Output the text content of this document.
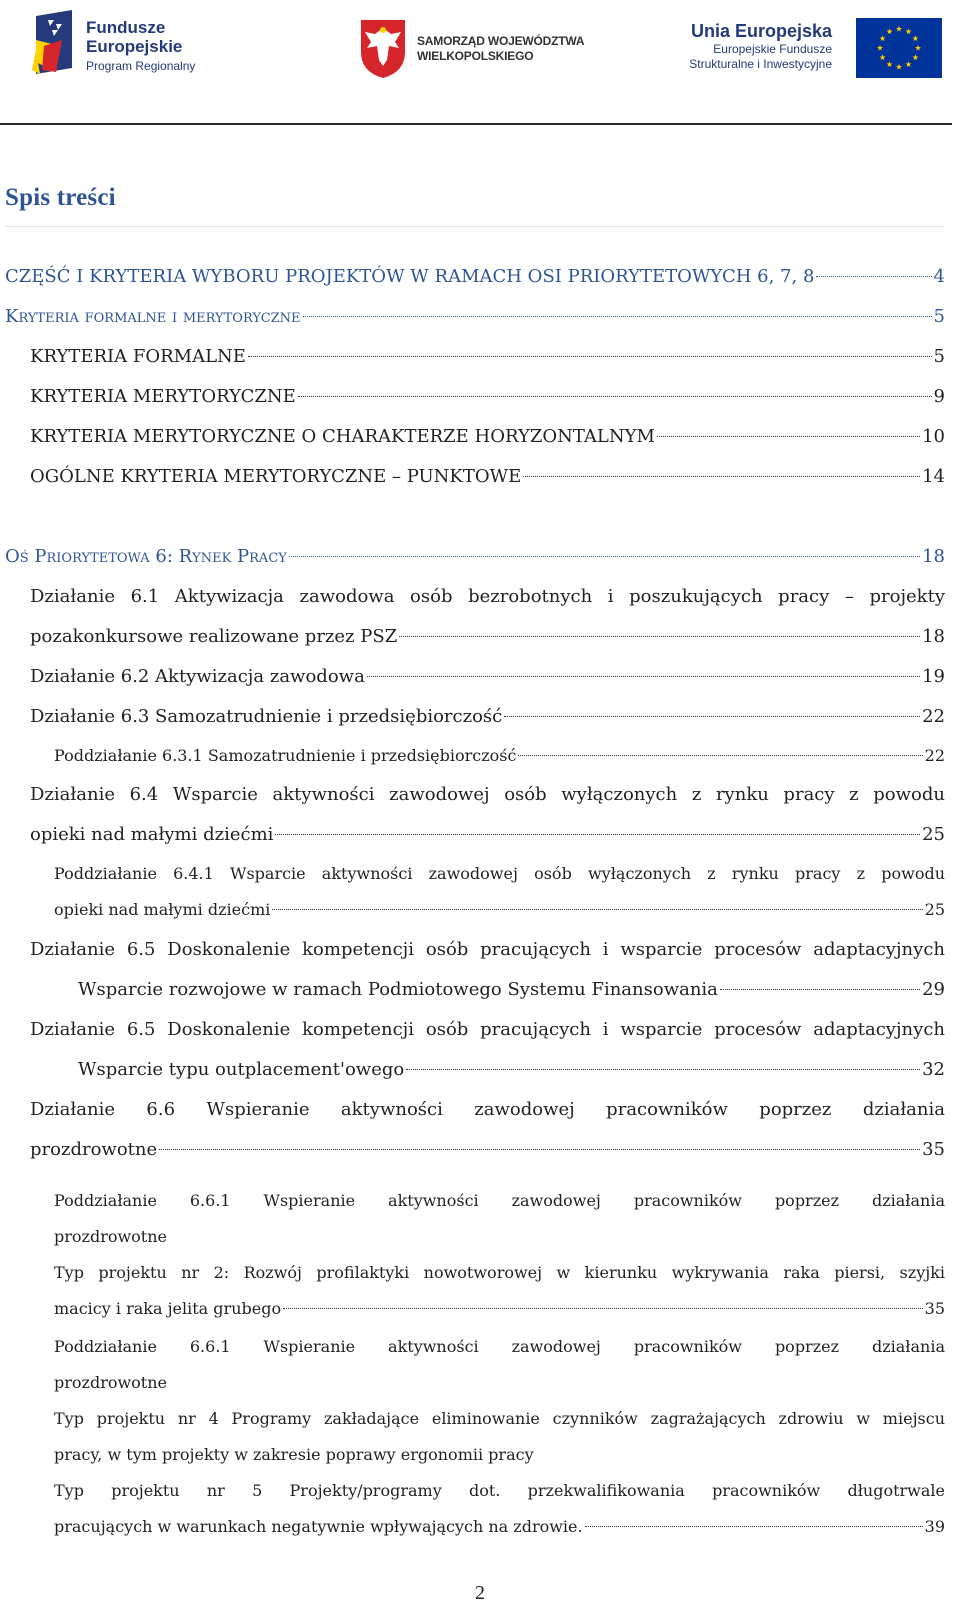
Fundusze
Europejskie
Program Regionalny
SAMORZĄD WOJEWÓDZTWA
WIELKOPOLSKIEGO
Unia Europejska
Europejskie Fundusze
Strukturalne i Inwestycyjne
Spis treści
CZĘŚĆ I KRYTERIA WYBORU PROJEKTÓW W RAMACH OSI PRIORYTETOWYCH 6, 7, 8	4
Kryteria formalne i merytoryczne	5
KRYTERIA FORMALNE	5
KRYTERIA MERYTORYCZNE	9
KRYTERIA MERYTORYCZNE O CHARAKTERZE HORYZONTALNYM	10
OGÓLNE KRYTERIA MERYTORYCZNE – PUNKTOWE	14
Oś Priorytetowa 6: Rynek Pracy	18
Działanie 6.1 Aktywizacja zawodowa osób bezrobotnych i poszukujących pracy – projekty
pozakonkursowe realizowane przez PSZ	18
Działanie 6.2 Aktywizacja zawodowa	19
Działanie 6.3 Samozatrudnienie i przedsiębiorczość	22
Poddziałanie 6.3.1 Samozatrudnienie i przedsiębiorczość	22
Działanie 6.4 Wsparcie aktywności zawodowej osób wyłączonych z rynku pracy z powodu
opieki nad małymi dziećmi	25
Poddziałanie 6.4.1 Wsparcie aktywności zawodowej osób wyłączonych z rynku pracy z powodu
opieki nad małymi dziećmi	25
Działanie 6.5 Doskonalenie kompetencji osób pracujących i wsparcie procesów adaptacyjnych
Wsparcie rozwojowe w ramach Podmiotowego Systemu Finansowania	29
Działanie 6.5 Doskonalenie kompetencji osób pracujących i wsparcie procesów adaptacyjnych
Wsparcie typu outplacement'owego	32
Działanie 6.6 Wspieranie aktywności zawodowej pracowników poprzez działania
prozdrowotne	35
Poddziałanie 6.6.1 Wspieranie aktywności zawodowej pracowników poprzez działania
prozdrowotne
Typ projektu nr 2: Rozwój profilaktyki nowotworowej w kierunku wykrywania raka piersi, szyjki
macicy i raka jelita grubego	35
Poddziałanie 6.6.1 Wspieranie aktywności zawodowej pracowników poprzez działania
prozdrowotne
Typ projektu nr 4 Programy zakładające eliminowanie czynników zagrażających zdrowiu w miejscu
pracy, w tym projekty w zakresie poprawy ergonomii pracy
Typ projektu nr 5 Projekty/programy dot. przekwalifikowania pracowników długotrwale
pracujących w warunkach negatywnie wpływających na zdrowie.	39
2
